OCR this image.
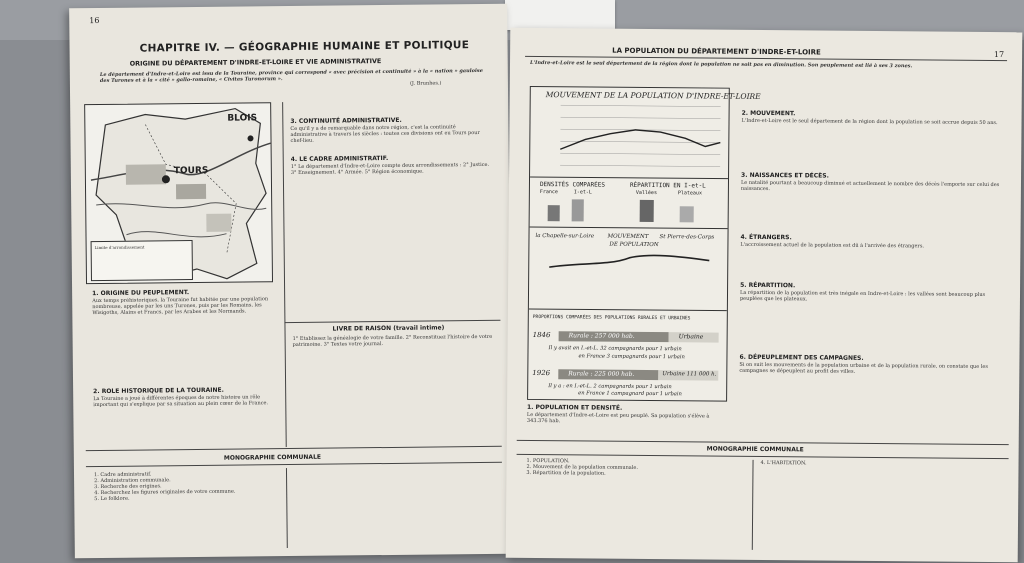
16
CHAPITRE IV. — GÉOGRAPHIE HUMAINE ET POLITIQUE
ORIGINE DU DÉPARTEMENT D'INDRE-ET-LOIRE ET VIE ADMINISTRATIVE
Le département d'Indre-et-Loire est issu de la Touraine, province qui correspond « avec précision et continuité » à la « nation » gauloise des Turones et à la « cité » gallo-romaine, « Civitas Turonorum ».	(J. Brunhes.)
BLOIS
TOURS
Limite d'arrondissement
1. ORIGINE DU PEUPLEMENT.
Aux temps préhistoriques, la Touraine fut habitée par une population nombreuse, appelée par les uns Turones, puis par les Romains, les Wisigoths, Alains et Francs, par les Arabes et les Normands.
2. ROLE HISTORIQUE DE LA TOURAINE.
La Touraine a joué à différentes époques de notre histoire un rôle important qui s'explique par sa situation au plein cœur de la France.
3. CONTINUITÉ ADMINISTRATIVE.
Ce qu'il y a de remarquable dans notre région, c'est la continuité administrative à travers les siècles : toutes ces divisions ont eu Tours pour chef-lieu.
4. LE CADRE ADMINISTRATIF.
1° Le département d'Indre-et-Loire compte deux arrondissements : 2° Justice. 3° Enseignement. 4° Armée. 5° Région économique.
LIVRE DE RAISON (travail intime)
1° Etablissez la généalogie de votre famille. 2° Reconstituez l'histoire de votre patrimoine. 3° Textes votre journal.
MONOGRAPHIE COMMUNALE
1. Cadre administratif.
2. Administration communale.
3. Recherche des origines.
4. Recherchez les figures originales de votre commune.
5. Le folklore.
17
LA POPULATION DU DÉPARTEMENT D'INDRE-ET-LOIRE
L'Indre-et-Loire est le seul département de la région dont la population ne soit pas en diminution. Son peuplement est lié à ses 3 zones.
MOUVEMENT DE LA POPULATION D'INDRE-ET-LOIRE
DENSITÉS COMPARÉES	RÉPARTITION EN I-et-L
France	I-et-L	Vallées	Plateaux
la Chapelle-sur-Loire MOUVEMENT St Pierre-des-Corps
DE POPULATION
PROPORTIONS COMPARÉES DES POPULATIONS RURALES ET URBAINES
1846	Rurale : 257 000 hab.	Urbaine
Il y avait en I.-et-L. 32 campagnards pour 1 urbain
en France 3 campagnards pour 1 urbain
1926	Rurale : 225 000 hab.	Urbaine 111 000 h.
Il y a : en I.-et-L. 2 campagnards pour 1 urbain
en France 1 campagnard pour 1 urbain
1. POPULATION ET DENSITÉ.
Le département d'Indre-et-Loire est peu peuplé. Sa population s'élève à 343.376 hab.
2. MOUVEMENT.
L'Indre-et-Loire est le seul département de la région dont la population se soit accrue depuis 50 ans.
3. NAISSANCES ET DÉCÈS.
Le natalité pourtant a beaucoup diminué et actuellement le nombre des décès l'emporte sur celui des naissances.
4. ÉTRANGERS.
L'accroissement actuel de la population est dû à l'arrivée des étrangers.
5. RÉPARTITION.
La répartition de la population est très inégale en Indre-et-Loire : les vallées sont beaucoup plus peuplées que les plateaux.
6. DÉPEUPLEMENT DES CAMPAGNES.
Si on suit les mouvements de la population urbaine et de la population rurale, on constate que les campagnes se dépeuplent au profit des villes.
MONOGRAPHIE COMMUNALE
1. POPULATION.
2. Mouvement de la population communale.
3. Répartition de la population.
4. L'HABITATION.
